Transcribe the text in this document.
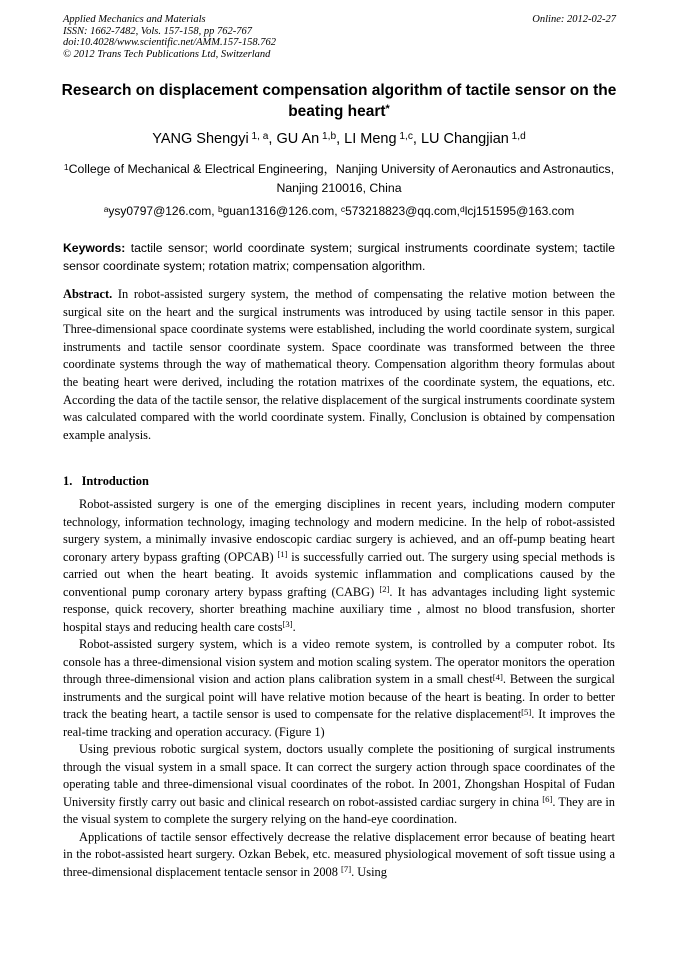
Applied Mechanics and Materials
ISSN: 1662-7482, Vols. 157-158, pp 762-767
doi:10.4028/www.scientific.net/AMM.157-158.762
© 2012 Trans Tech Publications Ltd, Switzerland
Online: 2012-02-27
Research on displacement compensation algorithm of tactile sensor on the beating heart*
YANG Shengyi $^{1, a}$, GU An $^{1,b}$, LI Meng $^{1,c}$, LU Changjian $^{1,d}$
$^1$College of Mechanical & Electrical Engineering，Nanjing University of Aeronautics and Astronautics,
Nanjing 210016, China
$^a$ysy0797@126.com, $^b$guan1316@126.com, $^c$573218823@qq.com,$^d$lcj151595@163.com
Keywords: tactile sensor; world coordinate system; surgical instruments coordinate system; tactile sensor coordinate system; rotation matrix; compensation algorithm.
Abstract. In robot-assisted surgery system, the method of compensating the relative motion between the surgical site on the heart and the surgical instruments was introduced by using tactile sensor in this paper. Three-dimensional space coordinate systems were established, including the world coordinate system, surgical instruments and tactile sensor coordinate system. Space coordinate was transformed between the three coordinate systems through the way of mathematical theory. Compensation algorithm theory formulas about the beating heart were derived, including the rotation matrixes of the coordinate system, the equations, etc. According the data of the tactile sensor, the relative displacement of the surgical instruments coordinate system was calculated compared with the world coordinate system. Finally, Conclusion is obtained by compensation example analysis.
1. Introduction

Robot-assisted surgery is one of the emerging disciplines in recent years, including modern computer technology, information technology, imaging technology and modern medicine. In the help of robot-assisted surgery system, a minimally invasive endoscopic cardiac surgery is achieved, and an off-pump beating heart coronary artery bypass grafting (OPCAB) [1] is successfully carried out. The surgery using special methods is carried out when the heart beating. It avoids systemic inflammation and complications caused by the conventional pump coronary artery bypass grafting (CABG) [2]. It has advantages including light systemic response, quick recovery, shorter breathing machine auxiliary time , almost no blood transfusion, shorter hospital stays and reducing health care costs[3].

Robot-assisted surgery system, which is a video remote system, is controlled by a computer robot. Its console has a three-dimensional vision system and motion scaling system. The operator monitors the operation through three-dimensional vision and action plans calibration system in a small chest[4]. Between the surgical instruments and the surgical point will have relative motion because of the heart is beating. In order to better track the beating heart, a tactile sensor is used to compensate for the relative displacement[5]. It improves the real-time tracking and operation accuracy. (Figure 1)

Using previous robotic surgical system, doctors usually complete the positioning of surgical instruments through the visual system in a small space. It can correct the surgery action through space coordinates of the operating table and three-dimensional visual coordinates of the robot. In 2001, Zhongshan Hospital of Fudan University firstly carry out basic and clinical research on robot-assisted cardiac surgery in china [6]. They are in the visual system to complete the surgery relying on the hand-eye coordination.

Applications of tactile sensor effectively decrease the relative displacement error because of beating heart in the robot-assisted heart surgery. Ozkan Bebek, etc. measured physiological movement of soft tissue using a three-dimensional displacement tentacle sensor in 2008 [7]. Using
